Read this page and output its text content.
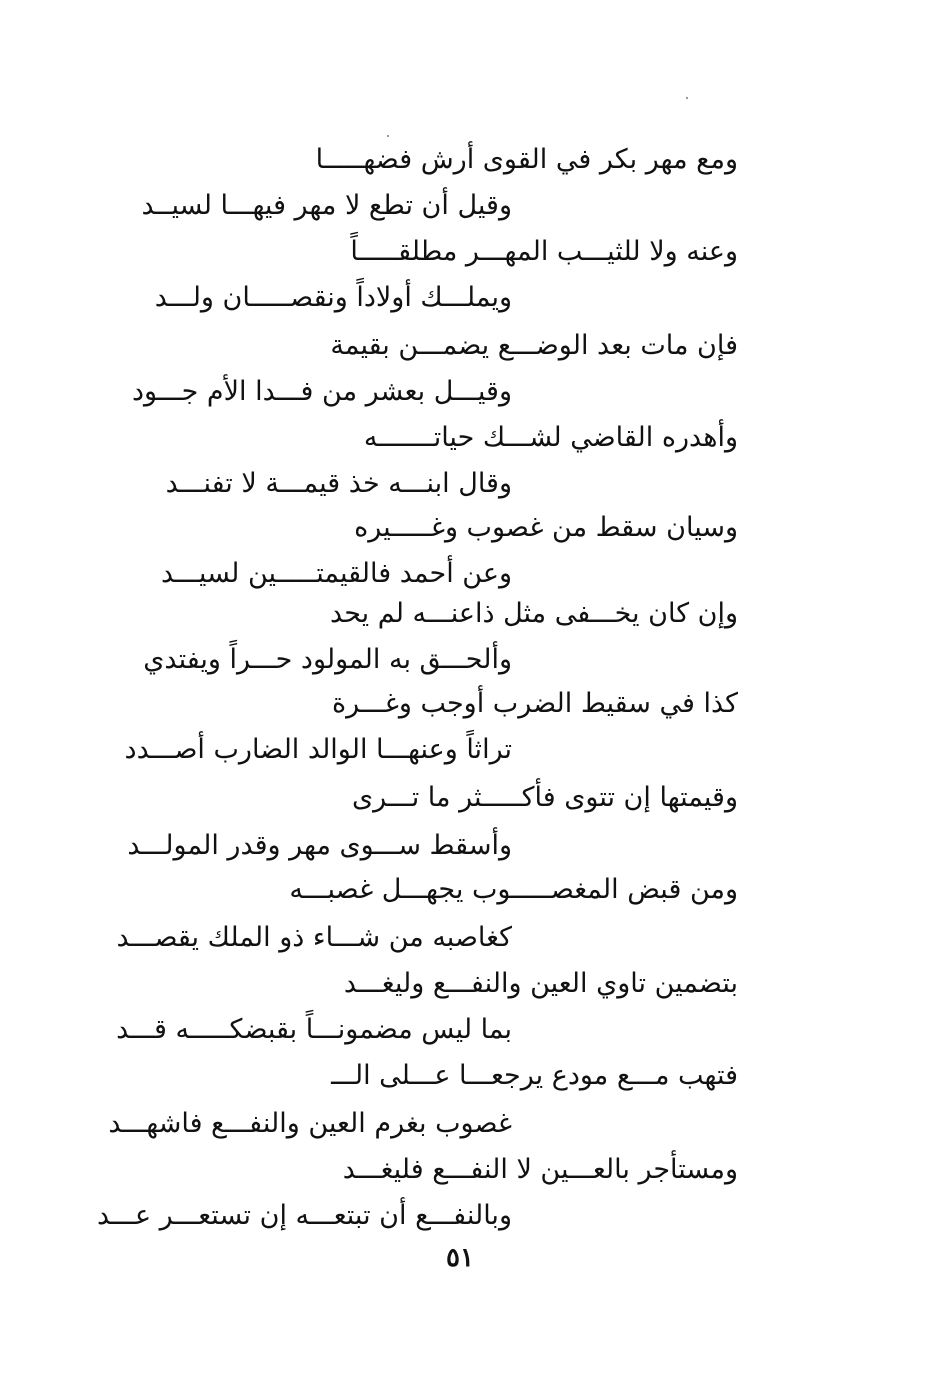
ومع مهر بكر في القوى أرش فضهـــــا
وقيل أن تطع لا مهر فيهـــا لسيــد
وعنه ولا للثيـــب المهـــر مطلقـــــاً
ويملـــك أولاداً ونقصـــــان ولـــد
فإن مات بعد الوضـــع يضمـــن بقيمة
وقيـــل بعشر من فـــدا الأم جـــود
وأهدره القاضي لشـــك حياتـــــــه
وقال ابنـــه خذ قيمـــة لا تفنـــد
وسيان سقط من غصوب وغـــــيره
وعن أحمد فالقيمتـــــين لسيـــد
وإن كان يخـــفى مثل ذاعنـــه لم يحد
وألحـــق به المولود حـــراً ويفتدي
كذا في سقيط الضرب أوجب وغـــرة
تراثاً وعنهـــا الوالد الضارب أصـــدد
وقيمتها إن تتوى فأكـــــثر ما تـــرى
وأسقط ســـوى مهر وقدر المولـــد
ومن قبض المغصـــــوب يجهـــل غصبـــه
كغاصبه من شـــاء ذو الملك يقصـــد
بتضمين تاوي العين والنفـــع وليغـــد
بما ليس مضمونـــاً بقبضكـــــه قـــد
فتهب مـــع مودع يرجعـــا عـــلى الـــ
غصوب بغرم العين والنفـــع فاشهـــد
ومستأجر بالعـــين لا النفـــع فليغـــد
وبالنفـــع أن تبتعـــه إن تستعـــر عـــد
٥١
